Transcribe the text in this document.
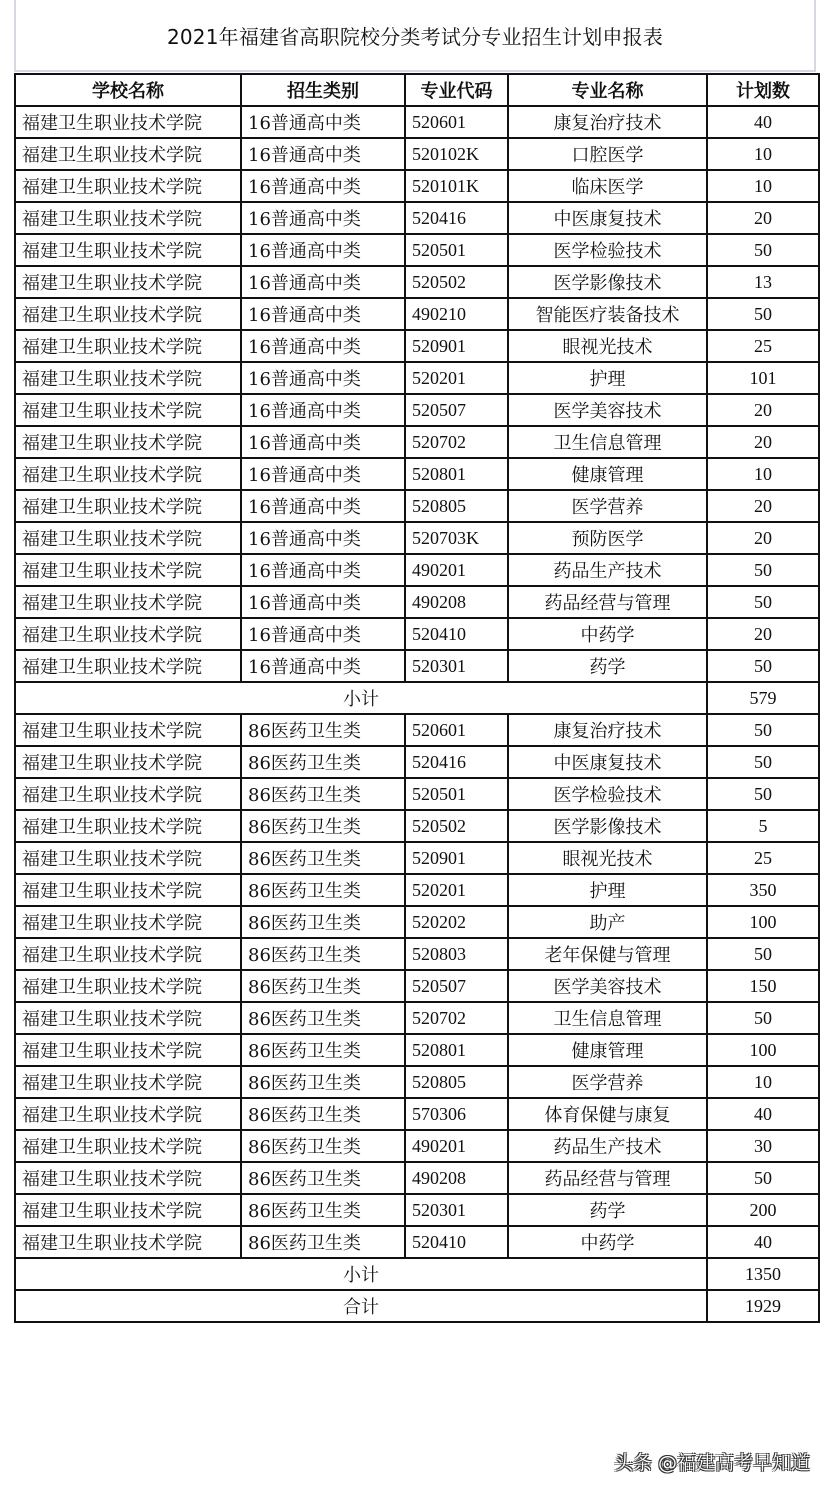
2021年福建省高职院校分类考试分专业招生计划申报表
学校名称	招生类别	专业代码	专业名称	计划数
福建卫生职业技术学院	16普通高中类	520601	康复治疗技术	40
福建卫生职业技术学院	16普通高中类	520102K	口腔医学	10
福建卫生职业技术学院	16普通高中类	520101K	临床医学	10
福建卫生职业技术学院	16普通高中类	520416	中医康复技术	20
福建卫生职业技术学院	16普通高中类	520501	医学检验技术	50
福建卫生职业技术学院	16普通高中类	520502	医学影像技术	13
福建卫生职业技术学院	16普通高中类	490210	智能医疗装备技术	50
福建卫生职业技术学院	16普通高中类	520901	眼视光技术	25
福建卫生职业技术学院	16普通高中类	520201	护理	101
福建卫生职业技术学院	16普通高中类	520507	医学美容技术	20
福建卫生职业技术学院	16普通高中类	520702	卫生信息管理	20
福建卫生职业技术学院	16普通高中类	520801	健康管理	10
福建卫生职业技术学院	16普通高中类	520805	医学营养	20
福建卫生职业技术学院	16普通高中类	520703K	预防医学	20
福建卫生职业技术学院	16普通高中类	490201	药品生产技术	50
福建卫生职业技术学院	16普通高中类	490208	药品经营与管理	50
福建卫生职业技术学院	16普通高中类	520410	中药学	20
福建卫生职业技术学院	16普通高中类	520301	药学	50
小计				579
福建卫生职业技术学院	86医药卫生类	520601	康复治疗技术	50
福建卫生职业技术学院	86医药卫生类	520416	中医康复技术	50
福建卫生职业技术学院	86医药卫生类	520501	医学检验技术	50
福建卫生职业技术学院	86医药卫生类	520502	医学影像技术	5
福建卫生职业技术学院	86医药卫生类	520901	眼视光技术	25
福建卫生职业技术学院	86医药卫生类	520201	护理	350
福建卫生职业技术学院	86医药卫生类	520202	助产	100
福建卫生职业技术学院	86医药卫生类	520803	老年保健与管理	50
福建卫生职业技术学院	86医药卫生类	520507	医学美容技术	150
福建卫生职业技术学院	86医药卫生类	520702	卫生信息管理	50
福建卫生职业技术学院	86医药卫生类	520801	健康管理	100
福建卫生职业技术学院	86医药卫生类	520805	医学营养	10
福建卫生职业技术学院	86医药卫生类	570306	体育保健与康复	40
福建卫生职业技术学院	86医药卫生类	490201	药品生产技术	30
福建卫生职业技术学院	86医药卫生类	490208	药品经营与管理	50
福建卫生职业技术学院	86医药卫生类	520301	药学	200
福建卫生职业技术学院	86医药卫生类	520410	中药学	40
小计				1350
合计				1929
头条 @福建高考早知道
